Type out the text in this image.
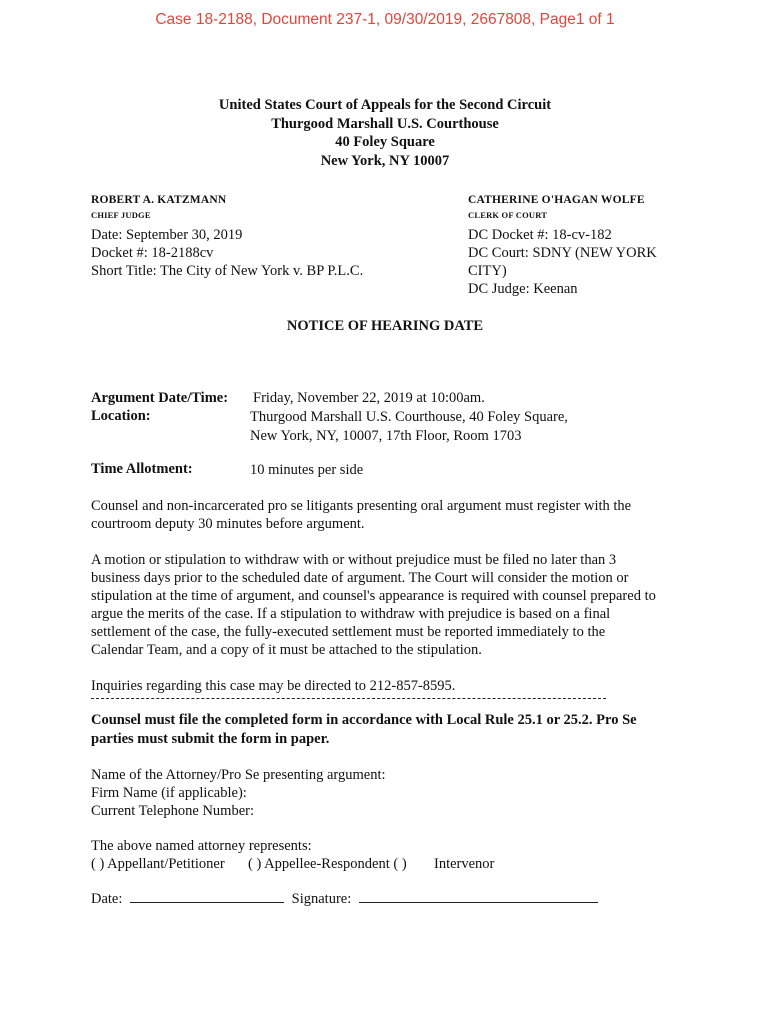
Case 18-2188, Document 237-1, 09/30/2019, 2667808, Page1 of 1
United States Court of Appeals for the Second Circuit
Thurgood Marshall U.S. Courthouse
40 Foley Square
New York, NY 10007
ROBERT A. KATZMANN
CHIEF JUDGE
CATHERINE O'HAGAN WOLFE
CLERK OF COURT
Date: September 30, 2019
Docket #: 18-2188cv
Short Title: The City of New York v. BP P.L.C.
DC Docket #: 18-cv-182
DC Court: SDNY (NEW YORK
CITY)
DC Judge: Keenan
NOTICE OF HEARING DATE
Argument Date/Time: Friday, November 22, 2019 at 10:00am.
Location:	Thurgood Marshall U.S. Courthouse, 40 Foley Square,
New York, NY, 10007, 17th Floor, Room 1703
Time Allotment:	10 minutes per side
Counsel and non-incarcerated pro se litigants presenting oral argument must register with the
courtroom deputy 30 minutes before argument.
A motion or stipulation to withdraw with or without prejudice must be filed no later than 3
business days prior to the scheduled date of argument. The Court will consider the motion or
stipulation at the time of argument, and counsel's appearance is required with counsel prepared to
argue the merits of the case. If a stipulation to withdraw with prejudice is based on a final
settlement of the case, the fully-executed settlement must be reported immediately to the
Calendar Team, and a copy of it must be attached to the stipulation.
Inquiries regarding this case may be directed to 212-857-8595.
Counsel must file the completed form in accordance with Local Rule 25.1 or 25.2. Pro Se
parties must submit the form in paper.
Name of the Attorney/Pro Se presenting argument:
Firm Name (if applicable):
Current Telephone Number:
The above named attorney represents:
( ) Appellant/Petitioner ( ) Appellee-Respondent ( ) Intervenor
Date:	Signature:
